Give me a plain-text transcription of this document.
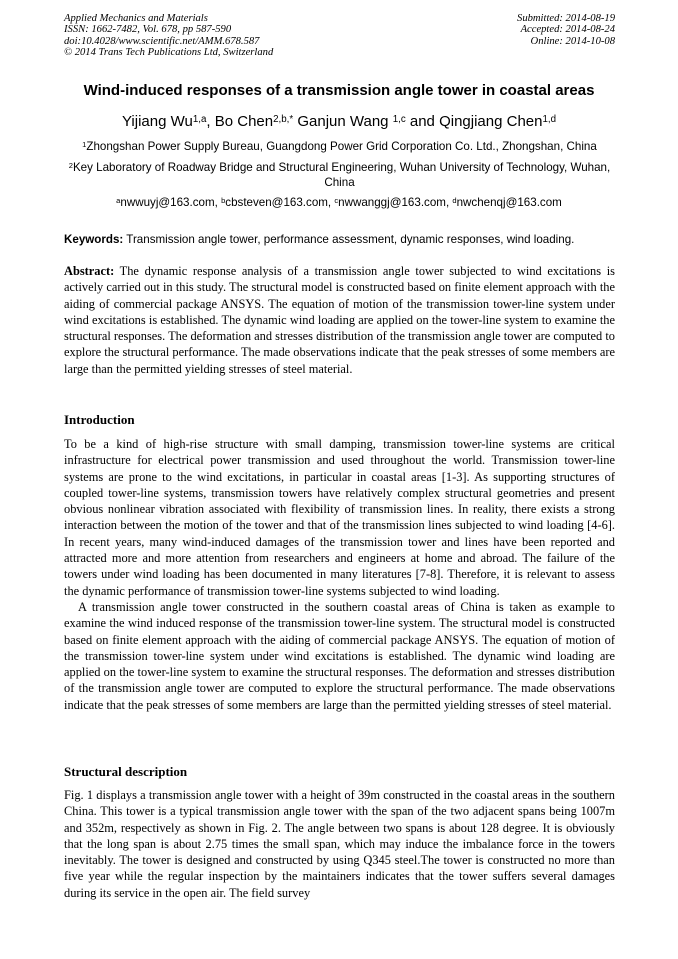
Applied Mechanics and Materials
ISSN: 1662-7482, Vol. 678, pp 587-590
doi:10.4028/www.scientific.net/AMM.678.587
© 2014 Trans Tech Publications Ltd, Switzerland
Submitted: 2014-08-19
Accepted: 2014-08-24
Online: 2014-10-08
Wind-induced responses of a transmission angle tower in coastal areas
Yijiang Wu$^{1,a}$, Bo Chen$^{2,b,*}$ Ganjun Wang $^{1,c}$ and Qingjiang Chen$^{1,d}$
$^1$Zhongshan Power Supply Bureau, Guangdong Power Grid Corporation Co. Ltd., Zhongshan, China
$^2$Key Laboratory of Roadway Bridge and Structural Engineering, Wuhan University of Technology, Wuhan, China
$^a$nwwuyj@163.com, $^b$cbsteven@163.com, $^c$nwwanggj@163.com, $^d$nwchenqj@163.com
Keywords: Transmission angle tower, performance assessment, dynamic responses, wind loading.
Abstract: The dynamic response analysis of a transmission angle tower subjected to wind excitations is actively carried out in this study. The structural model is constructed based on finite element approach with the aiding of commercial package ANSYS. The equation of motion of the transmission tower-line system under wind excitations is established. The dynamic wind loading are applied on the tower-line system to examine the structural responses. The deformation and stresses distribution of the transmission angle tower are computed to explore the structural performance. The made observations indicate that the peak stresses of some members are large than the permitted yielding stresses of steel material.
Introduction

To be a kind of high-rise structure with small damping, transmission tower-line systems are critical infrastructure for electrical power transmission and used throughout the world. Transmission tower-line systems are prone to the wind excitations, in particular in coastal areas [1-3]. As supporting structures of coupled tower-line systems, transmission towers have relatively complex structural geometries and present obvious nonlinear vibration associated with flexibility of transmission lines. In reality, there exists a strong interaction between the motion of the tower and that of the transmission lines subjected to wind loading [4-6]. In recent years, many wind-induced damages of the transmission tower and lines have been reported and attracted more and more attention from researchers and engineers at home and abroad. The failure of the towers under wind loading has been documented in many literatures [7-8]. Therefore, it is relevant to assess the dynamic performance of transmission tower-line systems subjected to wind loading.

A transmission angle tower constructed in the southern coastal areas of China is taken as example to examine the wind induced response of the transmission tower-line system. The structural model is constructed based on finite element approach with the aiding of commercial package ANSYS. The equation of motion of the transmission tower-line system under wind excitations is established. The dynamic wind loading are applied on the tower-line system to examine the structural responses. The deformation and stresses distribution of the transmission angle tower are computed to explore the structural performance. The made observations indicate that the peak stresses of some members are large than the permitted yielding stresses of steel material.

Structural description
Fig. 1 displays a transmission angle tower with a height of 39m constructed in the coastal areas in the southern China. This tower is a typical transmission angle tower with the span of the two adjacent spans being 1007m and 352m, respectively as shown in Fig. 2. The angle between two spans is about 128 degree. It is obviously that the long span is about 2.75 times the small span, which may induce the imbalance force in the towers inevitably. The tower is designed and constructed by using Q345 steel.The tower is constructed no more than five year while the regular inspection by the maintainers indicates that the tower suffers several damages during its service in the open air. The field survey
